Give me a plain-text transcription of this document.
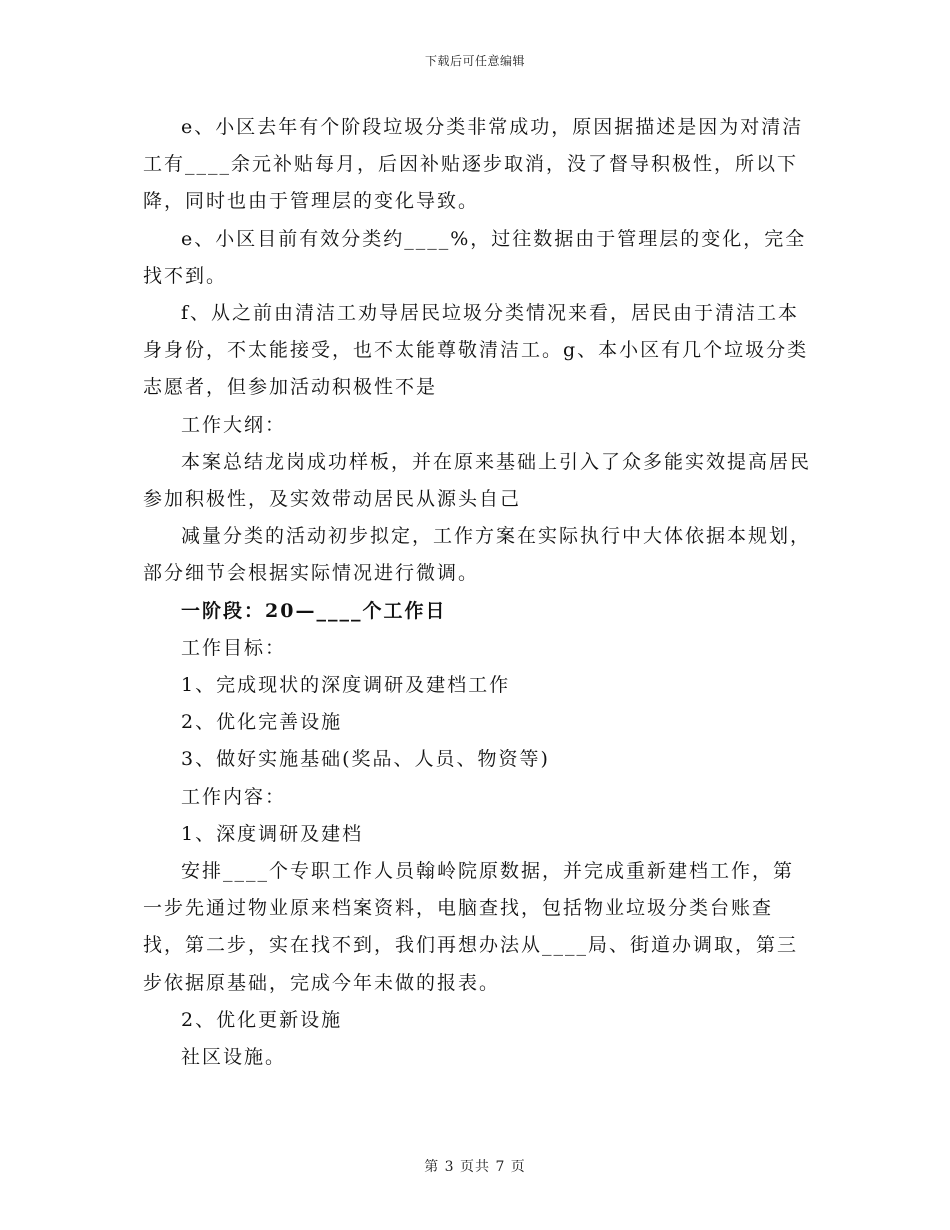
下载后可任意编辑

e、小区去年有个阶段垃圾分类非常成功，原因据描述是因为对清洁工有____余元补贴每月，后因补贴逐步取消，没了督导积极性，所以下降，同时也由于管理层的变化导致。

e、小区目前有效分类约____%，过往数据由于管理层的变化，完全找不到。

f、从之前由清洁工劝导居民垃圾分类情况来看，居民由于清洁工本身身份，不太能接受，也不太能尊敬清洁工。g、本小区有几个垃圾分类志愿者，但参加活动积极性不是

工作大纲：

本案总结龙岗成功样板，并在原来基础上引入了众多能实效提高居民参加积极性，及实效带动居民从源头自己

减量分类的活动初步拟定，工作方案在实际执行中大体依据本规划，部分细节会根据实际情况进行微调。

一阶段：20—____个工作日

工作目标：

1、完成现状的深度调研及建档工作

2、优化完善设施

3、做好实施基础(奖品、人员、物资等)

工作内容：

1、深度调研及建档

安排____个专职工作人员翰岭院原数据，并完成重新建档工作，第一步先通过物业原来档案资料，电脑查找，包括物业垃圾分类台账查找，第二步，实在找不到，我们再想办法从____局、街道办调取，第三步依据原基础，完成今年未做的报表。

2、优化更新设施

社区设施。

第 3 页共 7 页
